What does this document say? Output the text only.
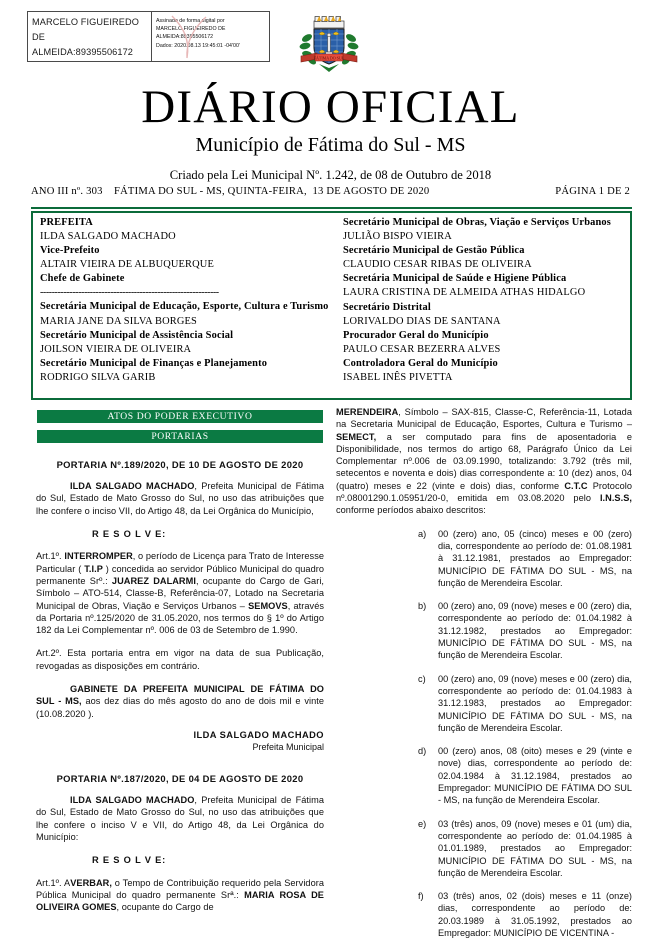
MARCELO FIGUEIREDO
DE
ALMEIDA:89395506172
Assinado de forma digital por
MARCELO FIGUEIREDO DE
ALMEIDA:89395506172
Dados: 2020.08.13 19:45:01 -04'00'
FÁTIMA DO SUL
DIÁRIO OFICIAL
Município de Fátima do Sul - MS
Criado pela Lei Municipal Nº. 1.242, de 08 de Outubro de 2018
ANO III nº. 303    FÁTIMA DO SUL - MS, QUINTA-FEIRA,  13 DE AGOSTO DE 2020	PÁGINA 1 DE 2
PREFEITA
ILDA SALGADO MACHADO
Vice-Prefeito
ALTAIR VIEIRA DE ALBUQUERQUE
Chefe de Gabinete
-------------------------------------------------------------
Secretária Municipal de Educação, Esporte, Cultura e Turismo
MARIA JANE DA SILVA BORGES
Secretário Municipal de Assistência Social
JOILSON VIEIRA DE OLIVEIRA
Secretário Municipal de Finanças e Planejamento
RODRIGO SILVA GARIB
Secretário Municipal de Obras, Viação e Serviços Urbanos
JULIÃO BISPO VIEIRA
Secretário Municipal de Gestão Pública
CLAUDIO CESAR RIBAS DE OLIVEIRA
Secretária Municipal de Saúde e Higiene Pública
LAURA CRISTINA DE ALMEIDA ATHAS HIDALGO
Secretário Distrital
LORIVALDO DIAS DE SANTANA
Procurador Geral do Município
PAULO CESAR BEZERRA ALVES
Controladora Geral do Município
ISABEL INÊS PIVETTA
ATOS DO PODER EXECUTIVO
PORTARIAS
PORTARIA Nº.189/2020, DE 10 DE AGOSTO DE 2020

ILDA SALGADO MACHADO, Prefeita Municipal de Fátima do Sul, Estado de Mato Grosso do Sul, no uso das atribuições que lhe confere o inciso VII, do Artigo 48, da Lei Orgânica do Município,

R E S O L V E:

Art.1º. INTERROMPER, o período de Licença para Trato de Interesse Particular ( T.I.P ) concedida ao servidor Público Municipal do quadro permanente Srº.: JUAREZ DALARMI, ocupante do Cargo de Gari, Símbolo – ATO-514, Classe-B, Referência-07, Lotado na Secretaria Municipal de Obras, Viação e Serviços Urbanos – SEMOVS, através da Portaria nº.125/2020 de 31.05.2020, nos termos do § 1º do Artigo 182 da Lei Complementar nº. 006 de 03 de Setembro de 1.990.

Art.2º. Esta portaria entra em vigor na data de sua Publicação, revogadas as disposições em contrário.

GABINETE DA PREFEITA MUNICIPAL DE FÁTIMA DO SUL - MS, aos dez dias do mês agosto do ano de dois mil e vinte (10.08.2020 ).

ILDA SALGADO MACHADO

Prefeita Municipal

PORTARIA Nº.187/2020, DE 04 DE AGOSTO DE 2020

ILDA SALGADO MACHADO, Prefeita Municipal de Fátima do Sul, Estado de Mato Grosso do Sul, no uso das atribuições que lhe confere o inciso V e VII, do Artigo 48, da Lei Orgânica do Município:

R E S O L V E:

Art.1º. AVERBAR, o Tempo de Contribuição requerido pela Servidora Pública Municipal do quadro permanente Srª.: MARIA ROSA DE OLIVEIRA GOMES, ocupante do Cargo de

MERENDEIRA, Símbolo – SAX-815, Classe-C, Referência-11, Lotada na Secretaria Municipal de Educação, Esportes, Cultura e Turismo – SEMECT, a ser computado para fins de aposentadoria e Disponibilidade, nos termos do artigo 68, Parágrafo Único da Lei Complementar nº.006 de 03.09.1990, totalizando: 3.792 (três mil, setecentos e noventa e dois) dias correspondente a: 10 (dez) anos, 04 (quatro) meses e 22 (vinte e dois) dias, conforme C.T.C Protocolo nº.08001290.1.05951/20-0, emitida em 03.08.2020 pelo I.N.S.S, conforme períodos abaixo descritos:

a)	00 (zero) ano, 05 (cinco) meses e 00 (zero) dia, correspondente ao período de: 01.08.1981 à 31.12.1981, prestados ao Empregador: MUNICÍPIO DE FÁTIMA DO SUL - MS, na função de Merendeira Escolar.
b)	00 (zero) ano, 09 (nove) meses e 00 (zero) dia, correspondente ao período de: 01.04.1982 à 31.12.1982, prestados ao Empregador: MUNICÍPIO DE FÁTIMA DO SUL - MS, na função de Merendeira Escolar.
c)	00 (zero) ano, 09 (nove) meses e 00 (zero) dia, correspondente ao período de: 01.04.1983 à 31.12.1983, prestados ao Empregador: MUNICÍPIO DE FÁTIMA DO SUL - MS, na função de Merendeira Escolar.
d)	00 (zero) anos, 08 (oito) meses e 29 (vinte e nove) dias, correspondente ao período de: 02.04.1984 à 31.12.1984, prestados ao Empregador: MUNICÍPIO DE FÁTIMA DO SUL - MS, na função de Merendeira Escolar.
e)	03 (três) anos, 09 (nove) meses e 01 (um) dia, correspondente ao período de: 01.04.1985 à 01.01.1989, prestados ao Empregador: MUNICÍPIO DE FÁTIMA DO SUL - MS, na função de Merendeira Escolar.
f)	03 (três) anos, 02 (dois) meses e 11 (onze) dias, correspondente ao período de: 20.03.1989 à 31.05.1992, prestados ao Empregador: MUNICÍPIO DE VICENTINA -
